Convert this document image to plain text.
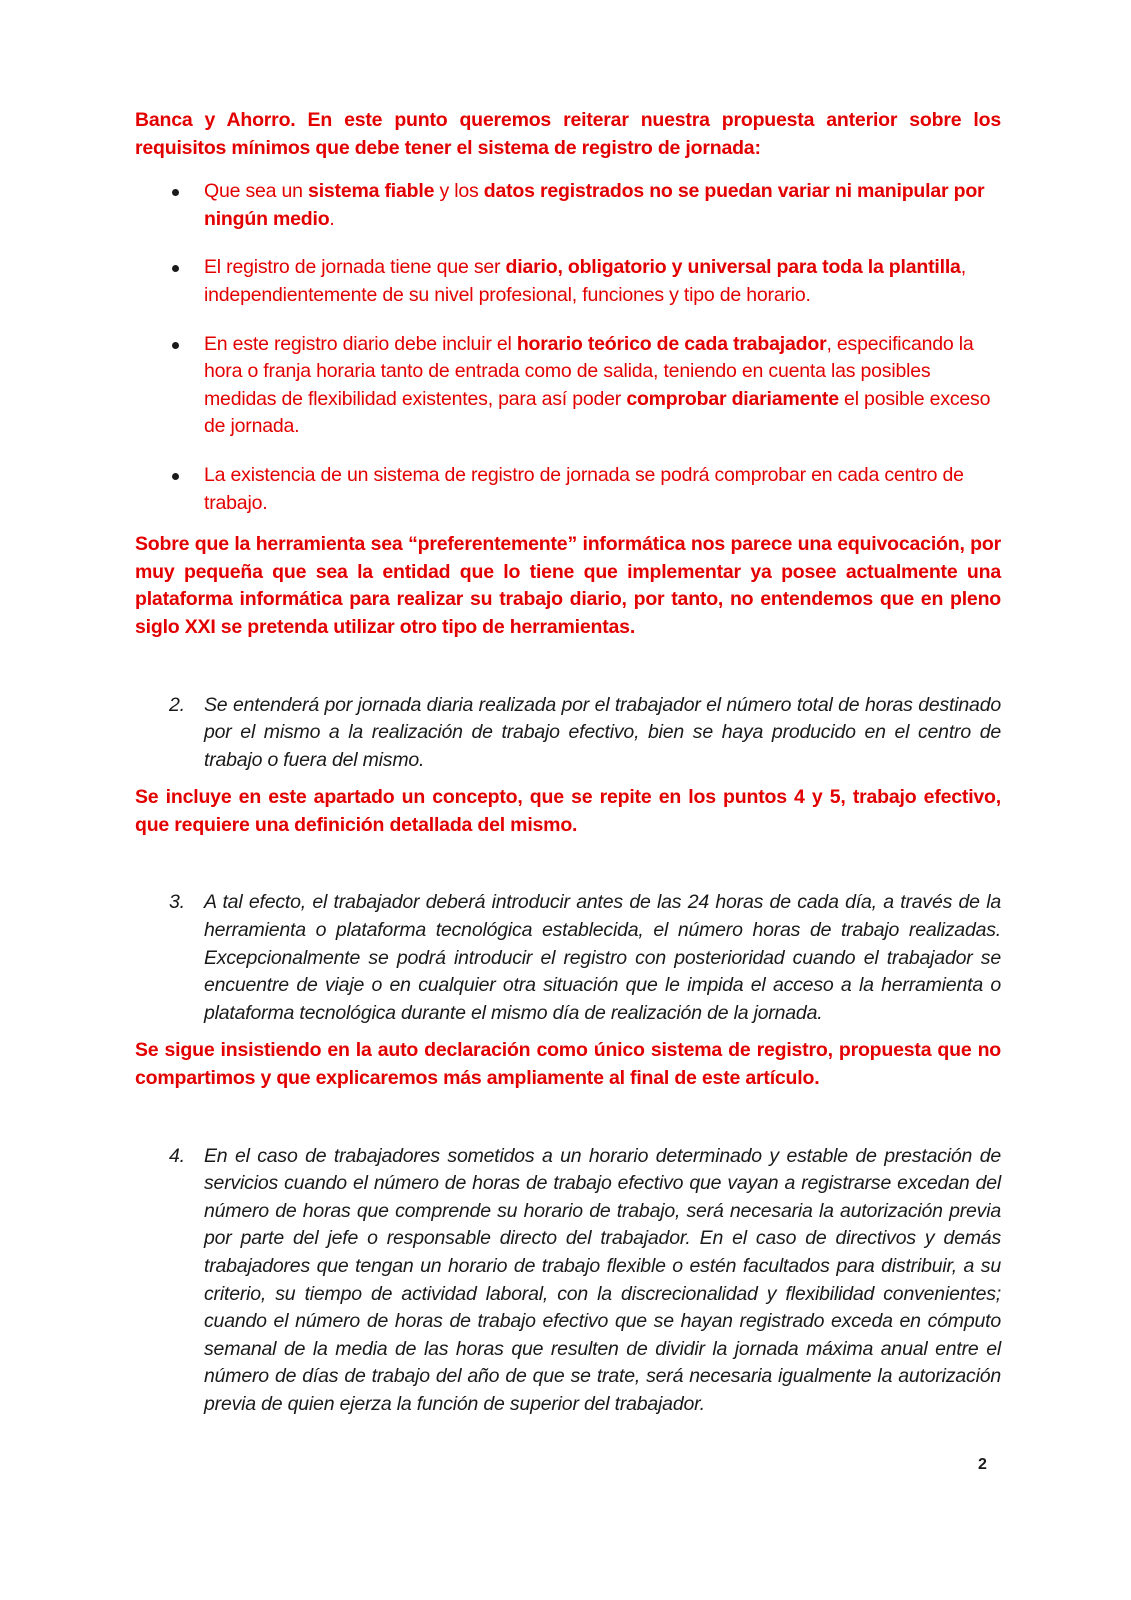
Banca y Ahorro. En este punto queremos reiterar nuestra propuesta anterior sobre los

requisitos mínimos que debe tener el sistema de registro de jornada:

Que sea un sistema fiable y los datos registrados no se puedan variar ni manipular por ningún medio.
El registro de jornada tiene que ser diario, obligatorio y universal para toda la plantilla, independientemente de su nivel profesional, funciones y tipo de horario.
En este registro diario debe incluir el horario teórico de cada trabajador, especificando la hora o franja horaria tanto de entrada como de salida, teniendo en cuenta las posibles medidas de flexibilidad existentes, para así poder comprobar diariamente el posible exceso de jornada.
La existencia de un sistema de registro de jornada se podrá comprobar en cada centro de trabajo.

Sobre que la herramienta sea “preferentemente” informática nos parece una equivocación, por muy pequeña que sea la entidad que lo tiene que implementar ya posee actualmente una plataforma informática para realizar su trabajo diario, por tanto, no entendemos que en pleno siglo XXI se pretenda utilizar otro tipo de herramientas.

2. Se entenderá por jornada diaria realizada por el trabajador el número total de horas destinado por el mismo a la realización de trabajo efectivo, bien se haya producido en el centro de trabajo o fuera del mismo.

Se incluye en este apartado un concepto, que se repite en los puntos 4 y 5, trabajo efectivo, que requiere una definición detallada del mismo.

3. A tal efecto, el trabajador deberá introducir antes de las 24 horas de cada día, a través de la herramienta o plataforma tecnológica establecida, el número horas de trabajo realizadas. Excepcionalmente se podrá introducir el registro con posterioridad cuando el trabajador se encuentre de viaje o en cualquier otra situación que le impida el acceso a la herramienta o plataforma tecnológica durante el mismo día de realización de la jornada.

Se sigue insistiendo en la auto declaración como único sistema de registro, propuesta que no compartimos y que explicaremos más ampliamente al final de este artículo.

4. En el caso de trabajadores sometidos a un horario determinado y estable de prestación de servicios cuando el número de horas de trabajo efectivo que vayan a registrarse excedan del número de horas que comprende su horario de trabajo, será necesaria la autorización previa por parte del jefe o responsable directo del trabajador. En el caso de directivos y demás trabajadores que tengan un horario de trabajo flexible o estén facultados para distribuir, a su criterio, su tiempo de actividad laboral, con la discrecionalidad y flexibilidad convenientes; cuando el número de horas de trabajo efectivo que se hayan registrado exceda en cómputo semanal de la media de las horas que resulten de dividir la jornada máxima anual entre el número de días de trabajo del año de que se trate, será necesaria igualmente la autorización previa de quien ejerza la función de superior del trabajador.
2
